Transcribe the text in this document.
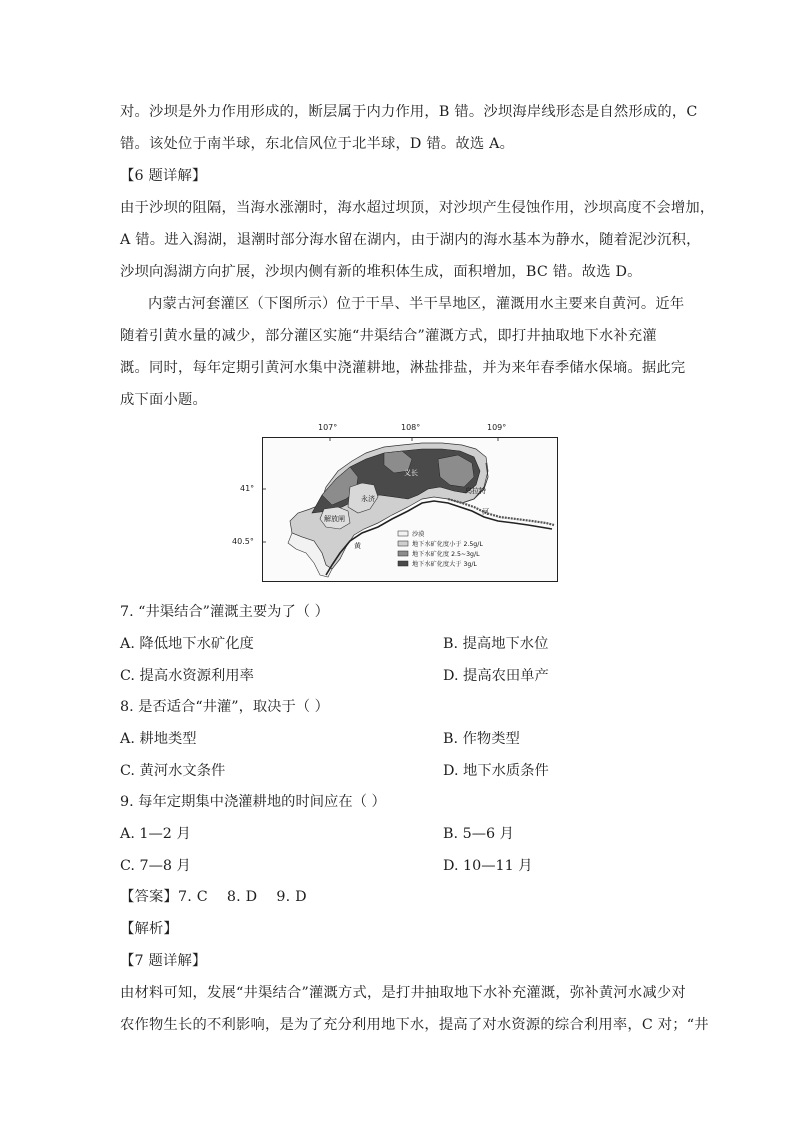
对。沙坝是外力作用形成的，断层属于内力作用，B 错。沙坝海岸线形态是自然形成的，C
错。该处位于南半球，东北信风位于北半球，D 错。故选 A。
【6 题详解】
由于沙坝的阻隔，当海水涨潮时，海水超过坝顶，对沙坝产生侵蚀作用，沙坝高度不会增加，
A 错。进入潟湖，退潮时部分海水留在湖内，由于湖内的海水基本为静水，随着泥沙沉积，
沙坝向潟湖方向扩展，沙坝内侧有新的堆积体生成，面积增加，BC 错。故选 D。
内蒙古河套灌区（下图所示）位于干旱、半干旱地区，灌溉用水主要来自黄河。近年
随着引黄水量的减少，部分灌区实施“井渠结合”灌溉方式，即打井抽取地下水补充灌
溉。同时，每年定期引黄河水集中浇灌耕地，淋盐排盐，并为来年春季储水保墒。据此完
成下面小题。
乌拉特
永济
解放闸
义长
黄
河
沙漠
地下水矿化度小于 2.5g/L
地下水矿化度 2.5~3g/L
地下水矿化度大于 3g/L
107°	108°	109°
41°
40.5°
7. “井渠结合”灌溉主要为了（ ）
A. 降低地下水矿化度	B. 提高地下水位
C. 提高水资源利用率	D. 提高农田单产
8. 是否适合“井灌”，取决于（ ）
A. 耕地类型	B. 作物类型
C. 黄河水文条件	D. 地下水质条件
9. 每年定期集中浇灌耕地的时间应在（ ）
A. 1—2 月	B. 5—6 月
C. 7—8 月	D. 10—11 月
【答案】7. C    8. D    9. D
【解析】
【7 题详解】
由材料可知，发展“井渠结合”灌溉方式，是打井抽取地下水补充灌溉，弥补黄河水减少对
农作物生长的不利影响，是为了充分利用地下水，提高了对水资源的综合利用率，C 对；“井
